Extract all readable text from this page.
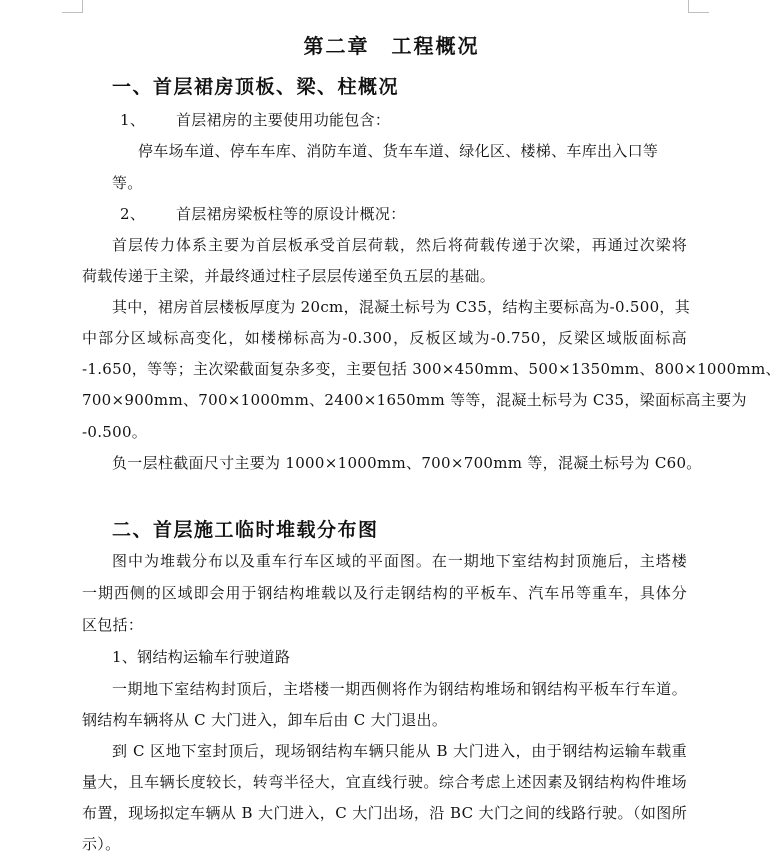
第二章　工程概况
一、首层裙房顶板、梁、柱概况
1、 首层裙房的主要使用功能包含：
停车场车道、停车车库、消防车道、货车车道、绿化区、楼梯、车库出入口等
等。
2、 首层裙房梁板柱等的原设计概况：
首层传力体系主要为首层板承受首层荷载，然后将荷载传递于次梁，再通过次梁将
荷载传递于主梁，并最终通过柱子层层传递至负五层的基础。
其中，裙房首层楼板厚度为 20cm，混凝土标号为 C35，结构主要标高为-0.500，其
中部分区域标高变化，如楼梯标高为-0.300，反板区域为-0.750，反梁区域版面标高
-1.650，等等；主次梁截面复杂多变，主要包括 300×450mm、500×1350mm、800×1000mm、
700×900mm、700×1000mm、2400×1650mm 等等，混凝土标号为 C35，梁面标高主要为
-0.500。
负一层柱截面尺寸主要为 1000×1000mm、700×700mm 等，混凝土标号为 C60。
二、首层施工临时堆载分布图
图中为堆载分布以及重车行车区域的平面图。在一期地下室结构封顶施后，主塔楼
一期西侧的区域即会用于钢结构堆载以及行走钢结构的平板车、汽车吊等重车，具体分
区包括：
1、钢结构运输车行驶道路
一期地下室结构封顶后，主塔楼一期西侧将作为钢结构堆场和钢结构平板车行车道。
钢结构车辆将从 C 大门进入，卸车后由 C 大门退出。
到 C 区地下室封顶后，现场钢结构车辆只能从 B 大门进入，由于钢结构运输车载重
量大，且车辆长度较长，转弯半径大，宜直线行驶。综合考虑上述因素及钢结构构件堆场
布置，现场拟定车辆从 B 大门进入，C 大门出场，沿 BC 大门之间的线路行驶。（如图所
示）。
